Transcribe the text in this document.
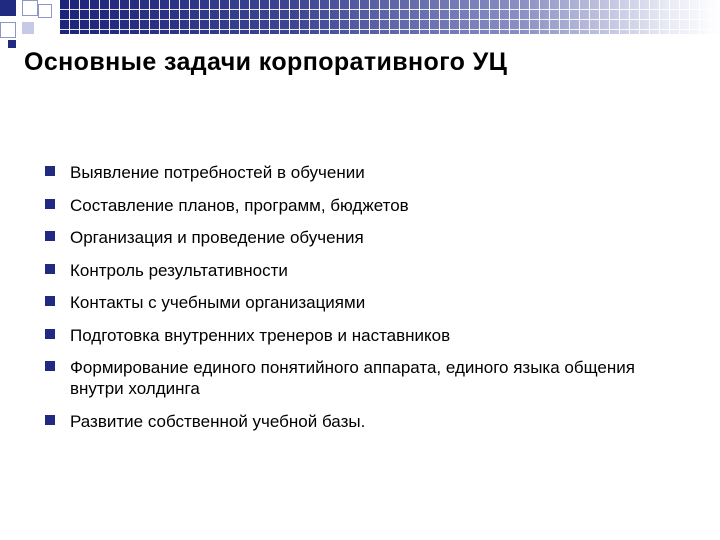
Основные задачи корпоративного УЦ
Выявление потребностей в обучении
Составление планов, программ, бюджетов
Организация и проведение обучения
Контроль результативности
Контакты с учебными организациями
Подготовка внутренних тренеров и наставников
Формирование единого понятийного аппарата, единого языка общения внутри холдинга
Развитие собственной учебной базы.
